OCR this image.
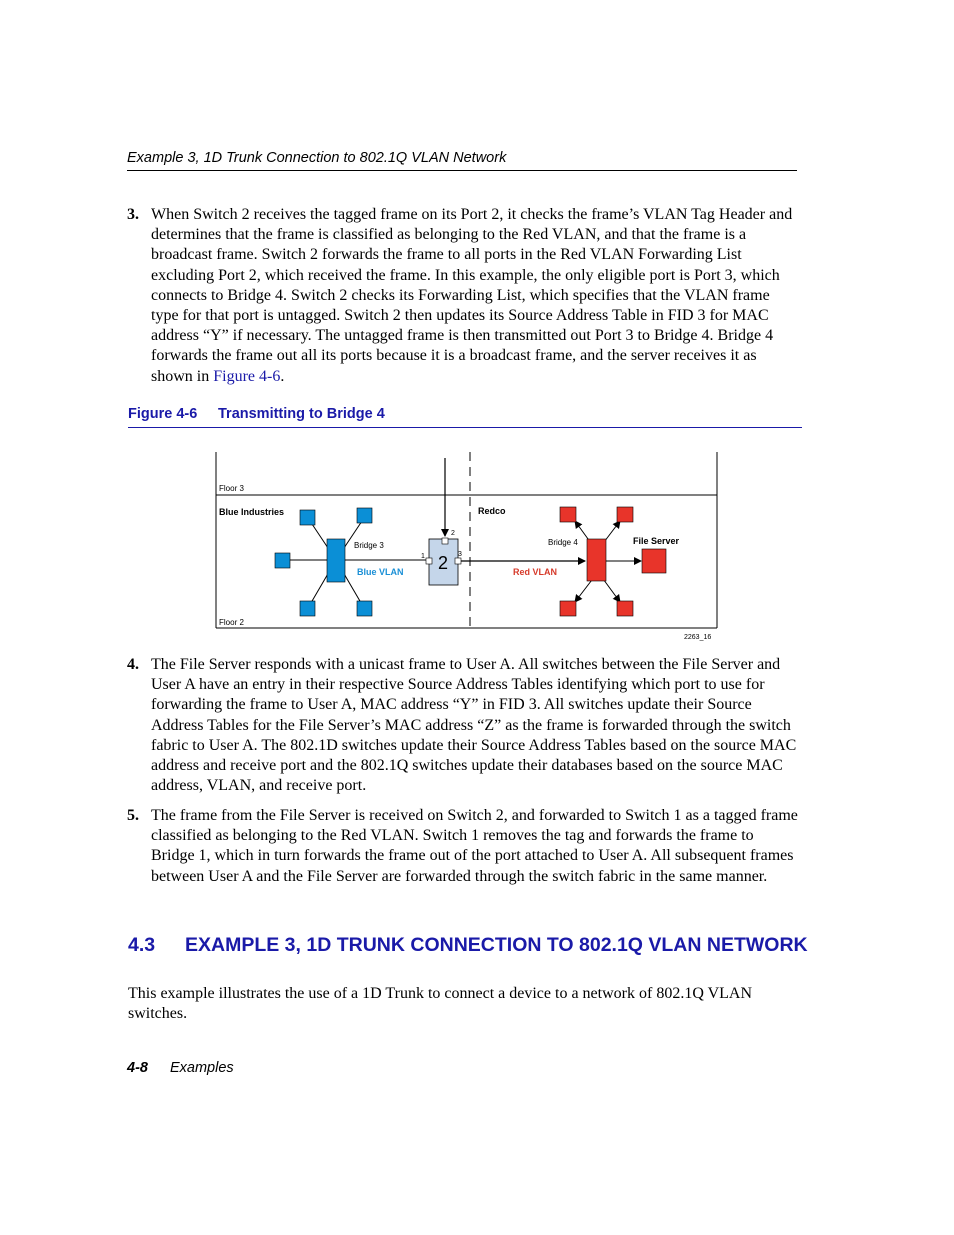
Example 3, 1D Trunk Connection to 802.1Q VLAN Network
3. When Switch 2 receives the tagged frame on its Port 2, it checks the frame’s VLAN Tag Header and determines that the frame is classified as belonging to the Red VLAN, and that the frame is a broadcast frame. Switch 2 forwards the frame to all ports in the Red VLAN Forwarding List excluding Port 2, which received the frame. In this example, the only eligible port is Port 3, which connects to Bridge 4. Switch 2 checks its Forwarding List, which specifies that the VLAN frame type for that port is untagged. Switch 2 then updates its Source Address Table in FID 3 for MAC address “Y” if necessary. The untagged frame is then transmitted out Port 3 to Bridge 4. Bridge 4 forwards the frame out all its ports because it is a broadcast frame, and the server receives it as shown in Figure 4-6.
Figure 4-6 Transmitting to Bridge 4
Floor 3
Floor 2
Blue Industries	Redco
Bridge 3	Bridge 4	File Server
Blue VLAN	Red VLAN
2263_16
2
2
1	3
4. The File Server responds with a unicast frame to User A. All switches between the File Server and User A have an entry in their respective Source Address Tables identifying which port to use for forwarding the frame to User A, MAC address “Y” in FID 3. All switches update their Source Address Tables for the File Server’s MAC address “Z” as the frame is forwarded through the switch fabric to User A. The 802.1D switches update their Source Address Tables based on the source MAC address and receive port and the 802.1Q switches update their databases based on the source MAC address, VLAN, and receive port.
5. The frame from the File Server is received on Switch 2, and forwarded to Switch 1 as a tagged frame classified as belonging to the Red VLAN. Switch 1 removes the tag and forwards the frame to Bridge 1, which in turn forwards the frame out of the port attached to User A. All subsequent frames between User A and the File Server are forwarded through the switch fabric in the same manner.
4.3 EXAMPLE 3, 1D TRUNK CONNECTION TO 802.1Q VLAN NETWORK
This example illustrates the use of a 1D Trunk to connect a device to a network of 802.1Q VLAN switches.
4-8 Examples
